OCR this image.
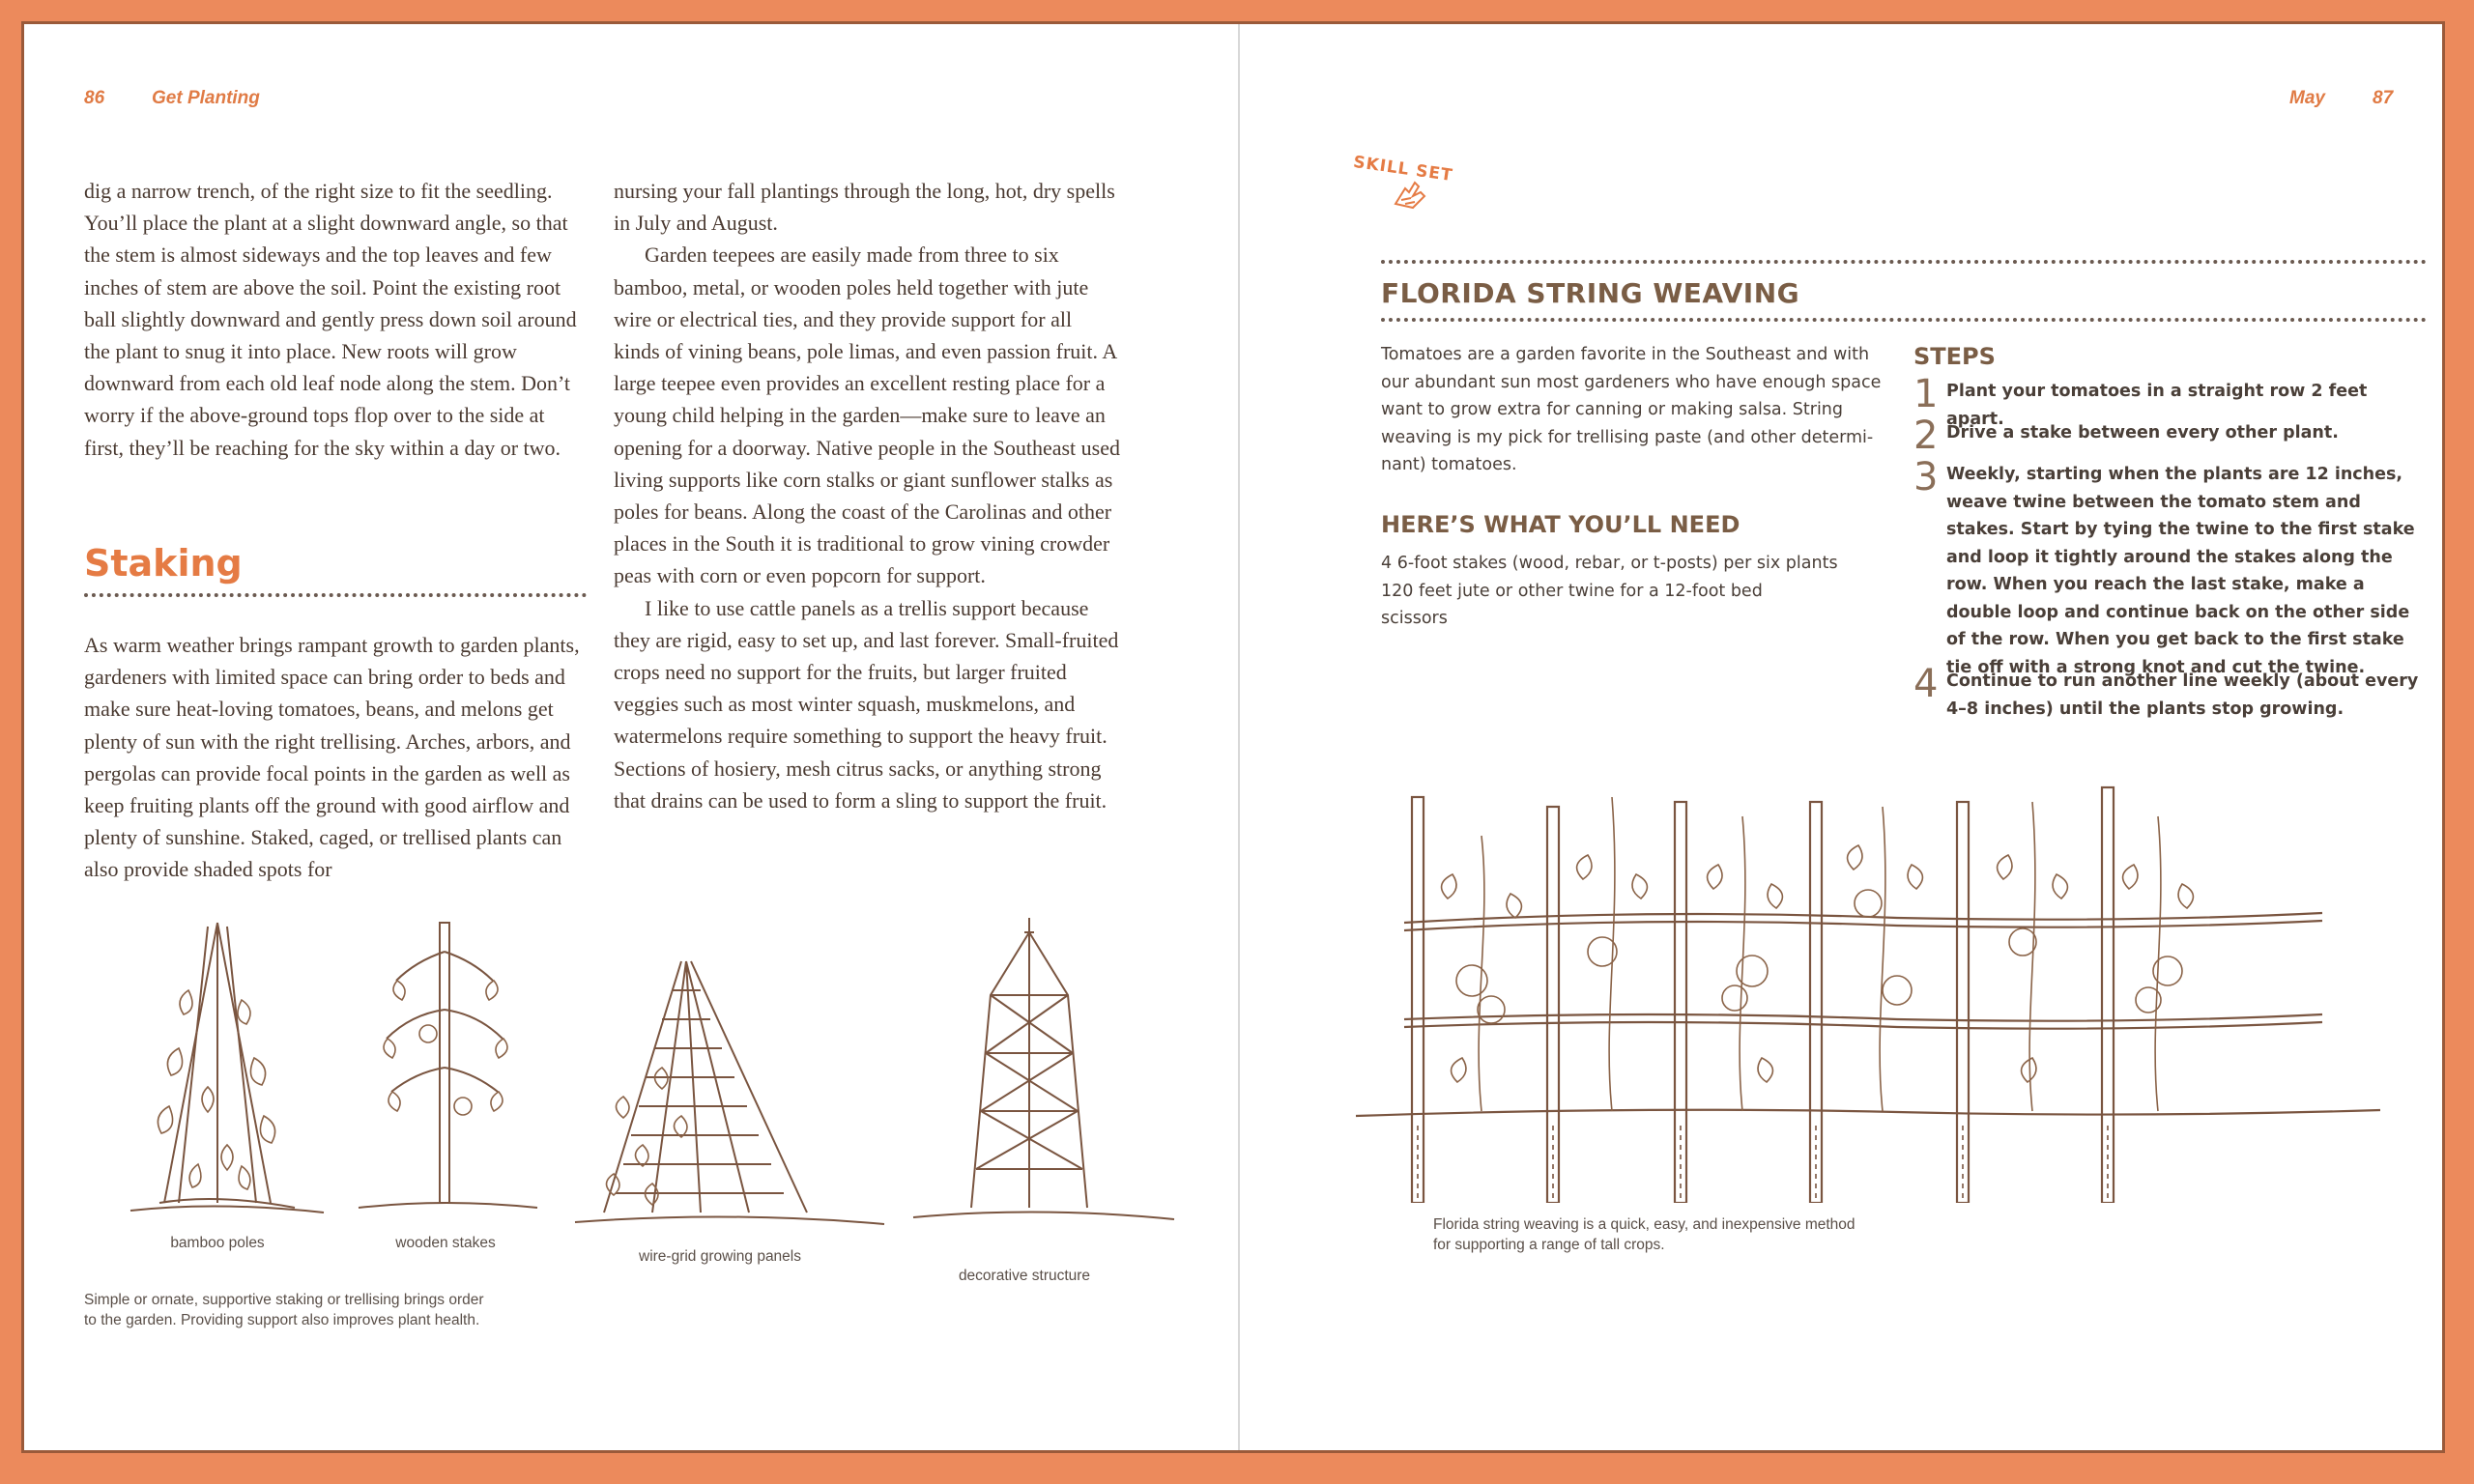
86	Get Planting

dig a narrow trench, of the right size to fit the seedling. You’ll place the plant at a slight downward angle, so that the stem is almost sideways and the top leaves and few inches of stem are above the soil. Point the existing root ball slightly downward and gently press down soil around the plant to snug it into place. New roots will grow downward from each old leaf node along the stem. Don’t worry if the above-ground tops flop over to the side at first, they’ll be reaching for the sky within a day or two.

Staking

As warm weather brings rampant growth to garden plants, gardeners with limited space can bring order to beds and make sure heat-loving tomatoes, beans, and melons get plenty of sun with the right trellising. Arches, arbors, and pergolas can provide focal points in the garden as well as keep fruiting plants off the ground with good airflow and plenty of sunshine. Staked, caged, or trellised plants can also provide shaded spots for

nursing your fall plantings through the long, hot, dry spells in July and August.

Garden teepees are easily made from three to six bamboo, metal, or wooden poles held together with jute wire or electrical ties, and they provide support for all kinds of vining beans, pole limas, and even passion fruit. A large teepee even provides an excellent resting place for a young child helping in the garden—make sure to leave an opening for a doorway. Native people in the Southeast used living supports like corn stalks or giant sunflower stalks as poles for beans. Along the coast of the Carolinas and other places in the South it is traditional to grow vining crowder peas with corn or even popcorn for support.

I like to use cattle panels as a trellis support because they are rigid, easy to set up, and last forever. Small-fruited crops need no support for the fruits, but larger fruited veggies such as most winter squash, muskmelons, and watermelons require something to support the heavy fruit. Sections of hosiery, mesh citrus sacks, or anything strong that drains can be used to form a sling to support the fruit.

bamboo poles	wooden stakes
wire-grid growing panels
decorative structure
Simple or ornate, supportive staking or trellising brings order
to the garden. Providing support also improves plant health.
May	87
SKILL SET
FLORIDA STRING WEAVING
Tomatoes are a garden favorite in the Southeast and with our abundant sun most gardeners who have enough space want to grow extra for canning or making salsa. String weaving is my pick for trellising paste (and other determi-nant) tomatoes.
HERE’S WHAT YOU’LL NEED
4 6-foot stakes (wood, rebar, or t-posts) per six plants
120 feet jute or other twine for a 12-foot bed
scissors
STEPS
1 Plant your tomatoes in a straight row 2 feet apart.
2 Drive a stake between every other plant.
3 Weekly, starting when the plants are 12 inches, weave twine between the tomato stem and stakes. Start by tying the twine to the first stake and loop it tightly around the stakes along the row. When you reach the last stake, make a double loop and continue back on the other side of the row. When you get back to the first stake tie off with a strong knot and cut the twine.
4 Continue to run another line weekly (about every 4–8 inches) until the plants stop growing.
Florida string weaving is a quick, easy, and inexpensive method
for supporting a range of tall crops.
